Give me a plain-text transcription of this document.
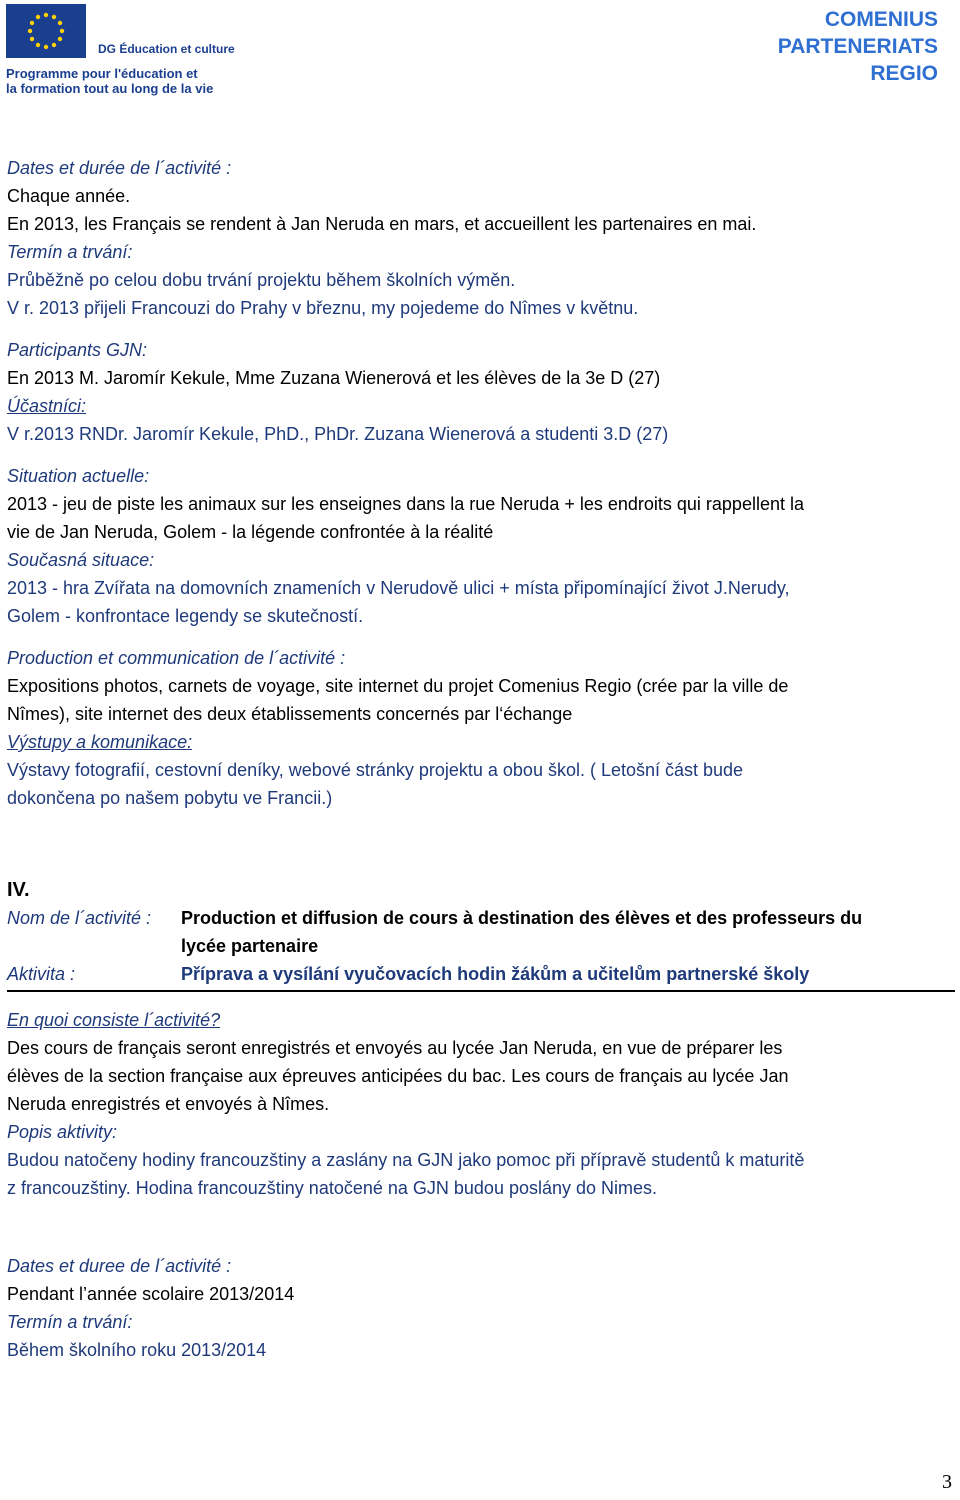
DG Éducation et culture
Programme pour l'éducation et
la formation tout au long de la vie
COMENIUS
PARTENERIATS
REGIO

Dates et durée de l´activité :

Chaque année.

En 2013, les Français se rendent à Jan Neruda en mars, et accueillent les partenaires en mai.

Termín a trvání:

Průběžně po celou dobu trvání projektu během školních výměn.

V r. 2013 přijeli Francouzi do Prahy v březnu, my pojedeme do Nîmes v květnu.

Participants GJN:

En 2013 M. Jaromír Kekule, Mme Zuzana Wienerová et les élèves de la 3e D (27)

Účastníci:

V r.2013 RNDr. Jaromír Kekule, PhD., PhDr. Zuzana Wienerová a studenti 3.D (27)

Situation actuelle:

2013 - jeu de piste les animaux sur les enseignes dans la rue Neruda + les endroits qui rappellent la

vie de Jan Neruda, Golem - la légende confrontée à la réalité

Současná situace:

2013 - hra Zvířata na domovních znameních v Nerudově ulici + místa připomínající život J.Nerudy,

Golem - konfrontace legendy se skutečností.

Production et communication de l´activité :

Expositions photos, carnets de voyage, site internet du projet Comenius Regio (crée par la ville de

Nîmes), site internet des deux établissements concernés par l‘échange

Výstupy a komunikace:

Výstavy fotografií, cestovní deníky, webové stránky projektu a obou škol. ( Letošní část bude

dokončena po našem pobytu ve Francii.)

IV.

Nom de l´activité :	Production et diffusion de cours à destination des élèves et des professeurs du
lycée partenaire
Aktivita :	Příprava a vysílání vyučovacích hodin žákům a učitelům partnerské školy

En quoi consiste l´activité?

Des cours de français seront enregistrés et envoyés au lycée Jan Neruda, en vue de préparer les

élèves de la section française aux épreuves anticipées du bac. Les cours de français au lycée Jan

Neruda enregistrés et envoyés à Nîmes.

Popis aktivity:

Budou natočeny hodiny francouzštiny a zaslány na GJN jako pomoc při přípravě studentů k maturitě

z francouzštiny. Hodina francouzštiny natočené na GJN budou poslány do Nimes.

Dates et duree de l´activité :

Pendant l’année scolaire 2013/2014

Termín a trvání:

Během školního roku 2013/2014

3
